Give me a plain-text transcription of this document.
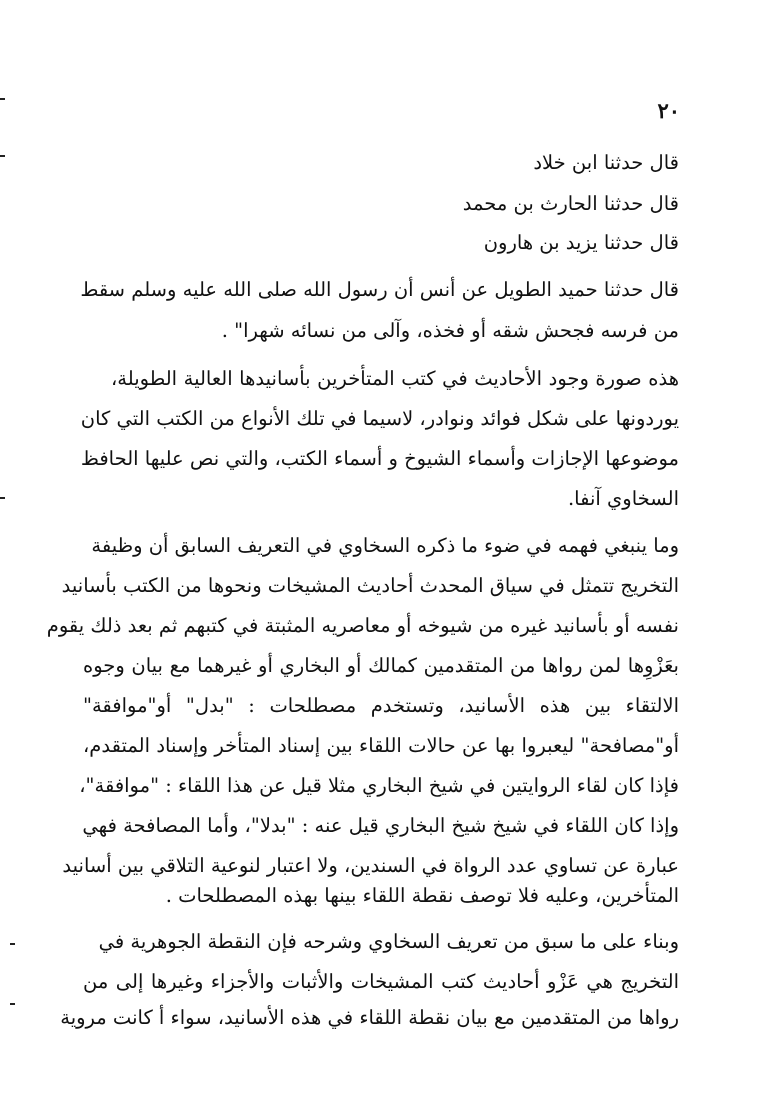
٢٠
قال حدثنا ابن خلاد
قال حدثنا الحارث بن محمد
قال حدثنا يزيد بن هارون
قال حدثنا حميد الطويل عن أنس أن رسول الله صلى الله عليه وسلم سقط
من فرسه فجحش شقه أو فخذه، وآلى من نسائه شهرا" .
هذه صورة وجود الأحاديث في كتب المتأخرين بأسانيدها العالية الطويلة،
يوردونها على شكل فوائد ونوادر، لاسيما في تلك الأنواع من الكتب التي كان
موضوعها الإجازات وأسماء الشيوخ و أسماء الكتب، والتي نص عليها الحافظ
السخاوي آنفا.
وما ينبغي فهمه في ضوء ما ذكره السخاوي في التعريف السابق أن وظيفة
التخريج تتمثل في سياق المحدث أحاديث المشيخات ونحوها من الكتب بأسانيد
نفسه أو بأسانيد غيره من شيوخه أو معاصريه المثبتة في كتبهم ثم بعد ذلك يقوم
بعَزْوِها لمن رواها من المتقدمين كمالك أو البخاري أو غيرهما مع بيان وجوه
الالتقاء بين هذه الأسانيد، وتستخدم مصطلحات : "بدل" أو"موافقة"
أو"مصافحة" ليعبروا بها عن حالات اللقاء بين إسناد المتأخر وإسناد المتقدم،
فإذا كان لقاء الروايتين في شيخ البخاري مثلا قيل عن هذا اللقاء : "موافقة"،
وإذا كان اللقاء في شيخ شيخ البخاري قيل عنه : "بدلا"، وأما المصافحة فهي
عبارة عن تساوي عدد الرواة في السندين، ولا اعتبار لنوعية التلاقي بين أسانيد
المتأخرين، وعليه فلا توصف نقطة اللقاء بينها بهذه المصطلحات .
وبناء على ما سبق من تعريف السخاوي وشرحه فإن النقطة الجوهرية في
التخريج هي عَزْو أحاديث كتب المشيخات والأثبات والأجزاء وغيرها إلى من
رواها من المتقدمين مع بيان نقطة اللقاء في هذه الأسانيد، سواء أ كانت مروية
